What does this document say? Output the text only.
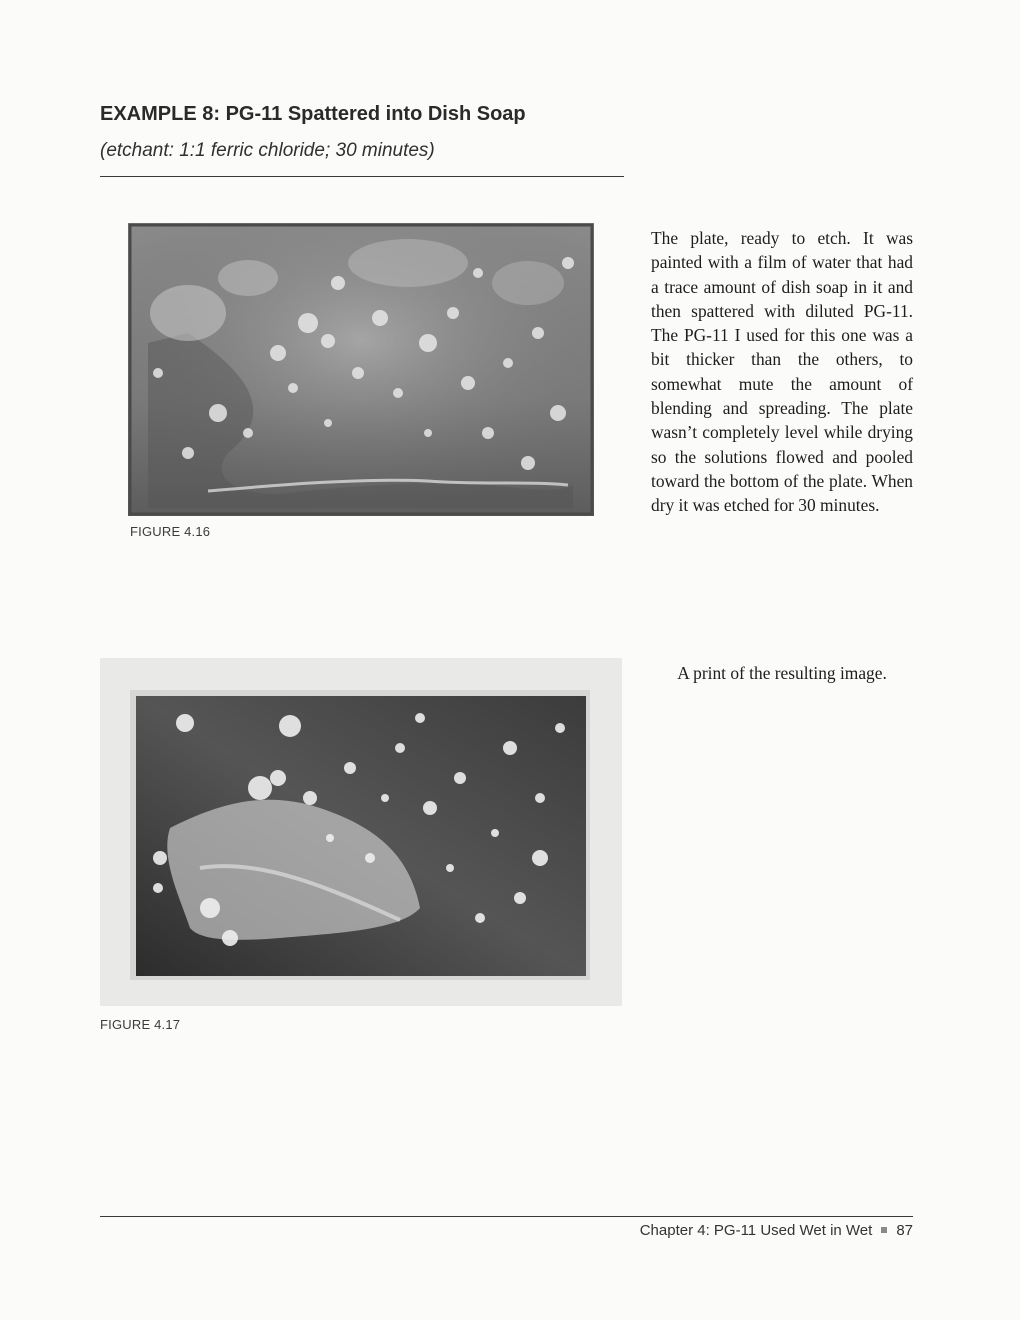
EXAMPLE 8: PG-11 Spattered into Dish Soap
(etchant: 1:1 ferric chloride; 30 minutes)
FIGURE 4.16
The plate, ready to etch. It was painted with a film of water that had a trace amount of dish soap in it and then spattered with diluted PG-11. The PG-11 I used for this one was a bit thicker than the others, to somewhat mute the amount of blending and spreading. The plate wasn’t completely level while drying so the solutions flowed and pooled toward the bottom of the plate. When dry it was etched for 30 minutes.
FIGURE 4.17
A print of the resulting image.
Chapter 4: PG-11 Used Wet in Wet 87
